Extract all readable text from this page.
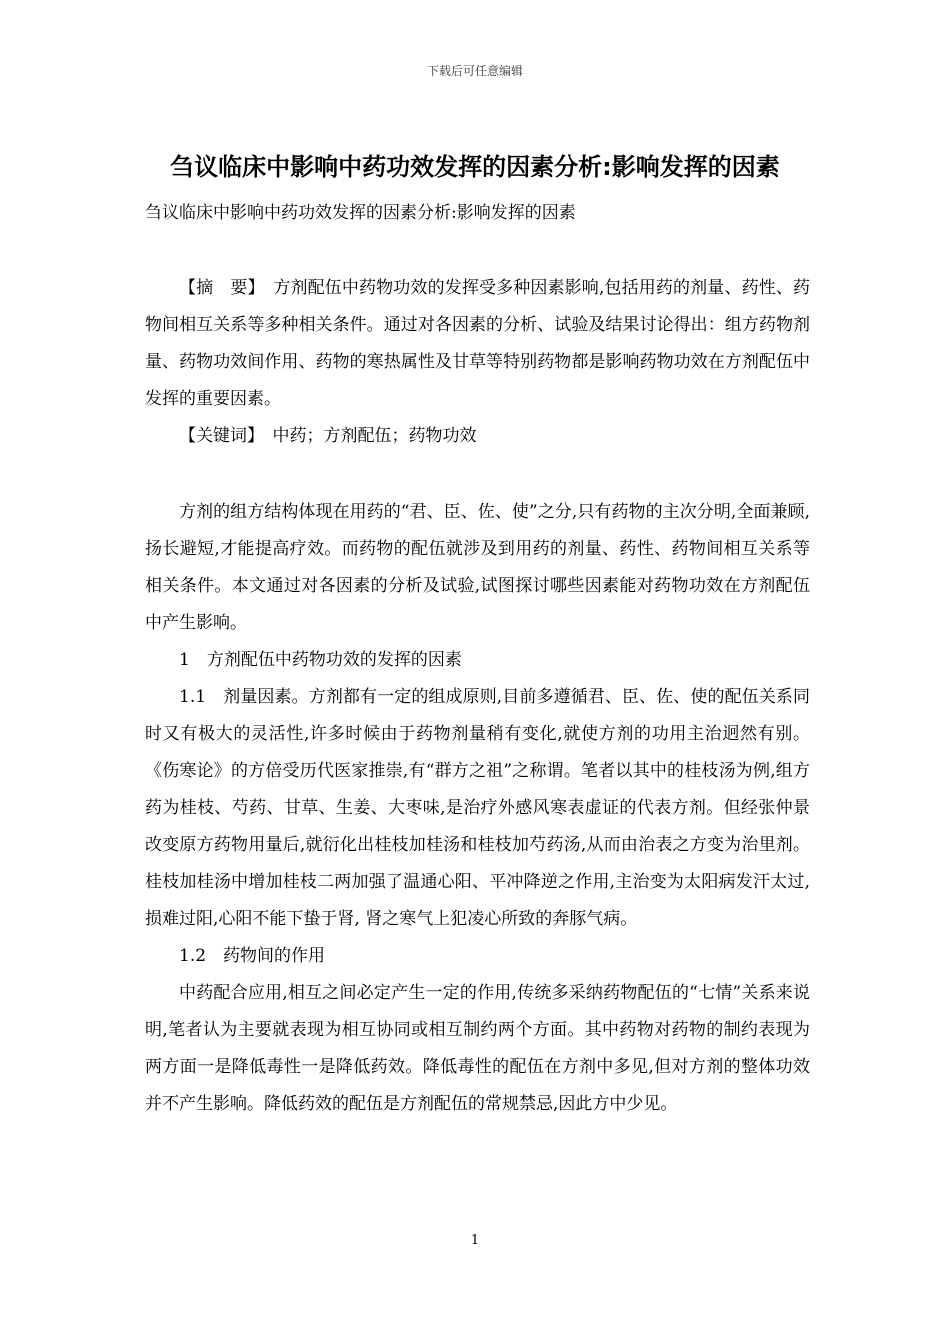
下载后可任意编辑
刍议临床中影响中药功效发挥的因素分析:影响发挥的因素
刍议临床中影响中药功效发挥的因素分析:影响发挥的因素

【摘　要】　方剂配伍中药物功效的发挥受多种因素影响,包括用药的剂量、药性、药物间相互关系等多种相关条件。通过对各因素的分析、试验及结果讨论得出：组方药物剂量、药物功效间作用、药物的寒热属性及甘草等特别药物都是影响药物功效在方剂配伍中发挥的重要因素。

【关键词】　中药；方剂配伍；药物功效

方剂的组方结构体现在用药的“君、臣、佐、使”之分,只有药物的主次分明,全面兼顾,扬长避短,才能提高疗效。而药物的配伍就涉及到用药的剂量、药性、药物间相互关系等相关条件。本文通过对各因素的分析及试验,试图探讨哪些因素能对药物功效在方剂配伍中产生影响。

1　方剂配伍中药物功效的发挥的因素

1.1　剂量因素。方剂都有一定的组成原则,目前多遵循君、臣、佐、使的配伍关系同时又有极大的灵活性,许多时候由于药物剂量稍有变化,就使方剂的功用主治迥然有别。《伤寒论》的方倍受历代医家推崇,有“群方之祖”之称谓。笔者以其中的桂枝汤为例,组方药为桂枝、芍药、甘草、生姜、大枣味,是治疗外感风寒表虚证的代表方剂。但经张仲景改变原方药物用量后,就衍化出桂枝加桂汤和桂枝加芍药汤,从而由治表之方变为治里剂。桂枝加桂汤中增加桂枝二两加强了温通心阳、平冲降逆之作用,主治变为太阳病发汗太过,损难过阳,心阳不能下蛰于肾, 肾之寒气上犯凌心所致的奔豚气病。

1.2　药物间的作用

中药配合应用,相互之间必定产生一定的作用,传统多采纳药物配伍的“七情”关系来说明,笔者认为主要就表现为相互协同或相互制约两个方面。其中药物对药物的制约表现为两方面一是降低毒性一是降低药效。降低毒性的配伍在方剂中多见,但对方剂的整体功效并不产生影响。降低药效的配伍是方剂配伍的常规禁忌,因此方中少见。

1
